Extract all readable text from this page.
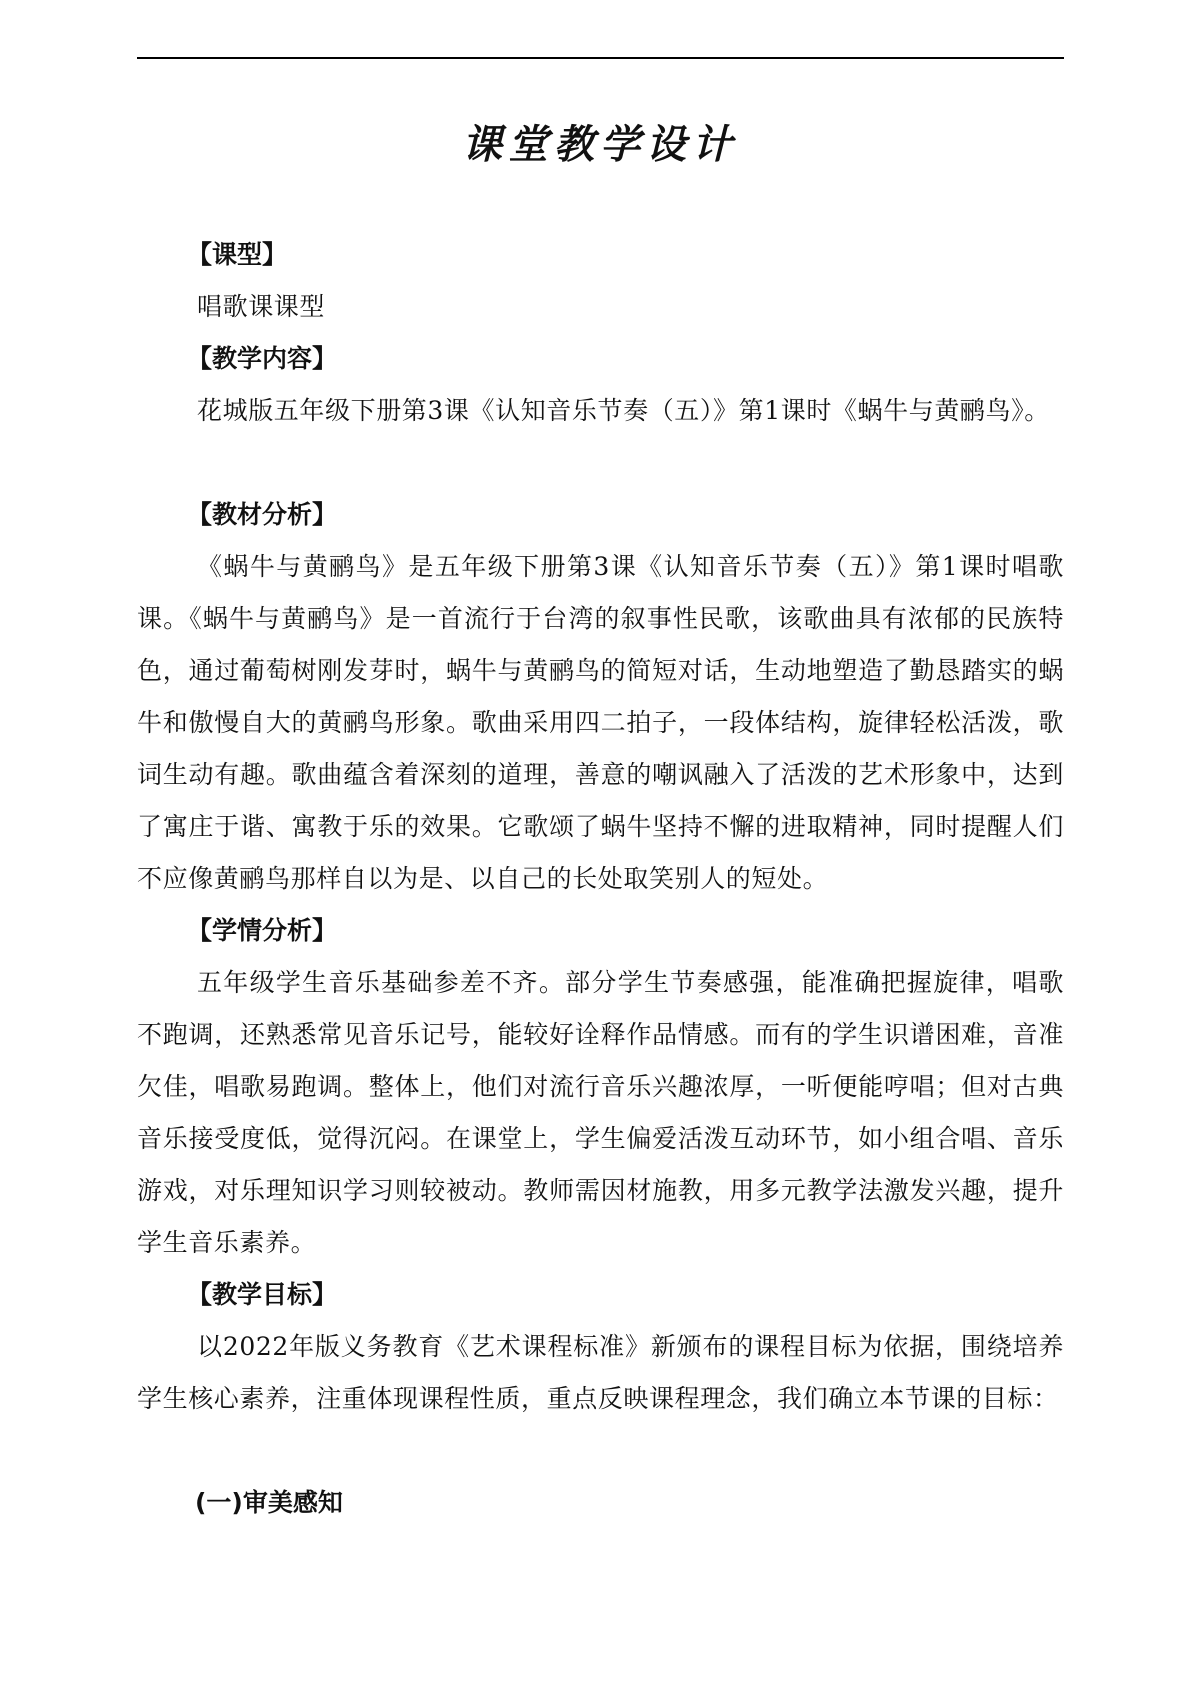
课堂教学设计
【课型】

唱歌课课型

【教学内容】

花城版五年级下册第3课《认知音乐节奏（五）》第1课时《蜗牛与黄鹂鸟》。

【教材分析】

《蜗牛与黄鹂鸟》是五年级下册第3课《认知音乐节奏（五）》第1课时唱歌课。《蜗牛与黄鹂鸟》是一首流行于台湾的叙事性民歌，该歌曲具有浓郁的民族特色，通过葡萄树刚发芽时，蜗牛与黄鹂鸟的简短对话，生动地塑造了勤恳踏实的蜗牛和傲慢自大的黄鹂鸟形象。歌曲采用四二拍子，一段体结构，旋律轻松活泼，歌词生动有趣。歌曲蕴含着深刻的道理，善意的嘲讽融入了活泼的艺术形象中，达到了寓庄于谐、寓教于乐的效果。它歌颂了蜗牛坚持不懈的进取精神，同时提醒人们不应像黄鹂鸟那样自以为是、以自己的长处取笑别人的短处。

【学情分析】

五年级学生音乐基础参差不齐。部分学生节奏感强，能准确把握旋律，唱歌不跑调，还熟悉常见音乐记号，能较好诠释作品情感。而有的学生识谱困难，音准欠佳，唱歌易跑调。整体上，他们对流行音乐兴趣浓厚，一听便能哼唱；但对古典音乐接受度低，觉得沉闷。在课堂上，学生偏爱活泼互动环节，如小组合唱、音乐游戏，对乐理知识学习则较被动。教师需因材施教，用多元教学法激发兴趣，提升学生音乐素养。

【教学目标】

以2022年版义务教育《艺术课程标准》新颁布的课程目标为依据，围绕培养学生核心素养，注重体现课程性质，重点反映课程理念，我们确立本节课的目标：

(一)审美感知
